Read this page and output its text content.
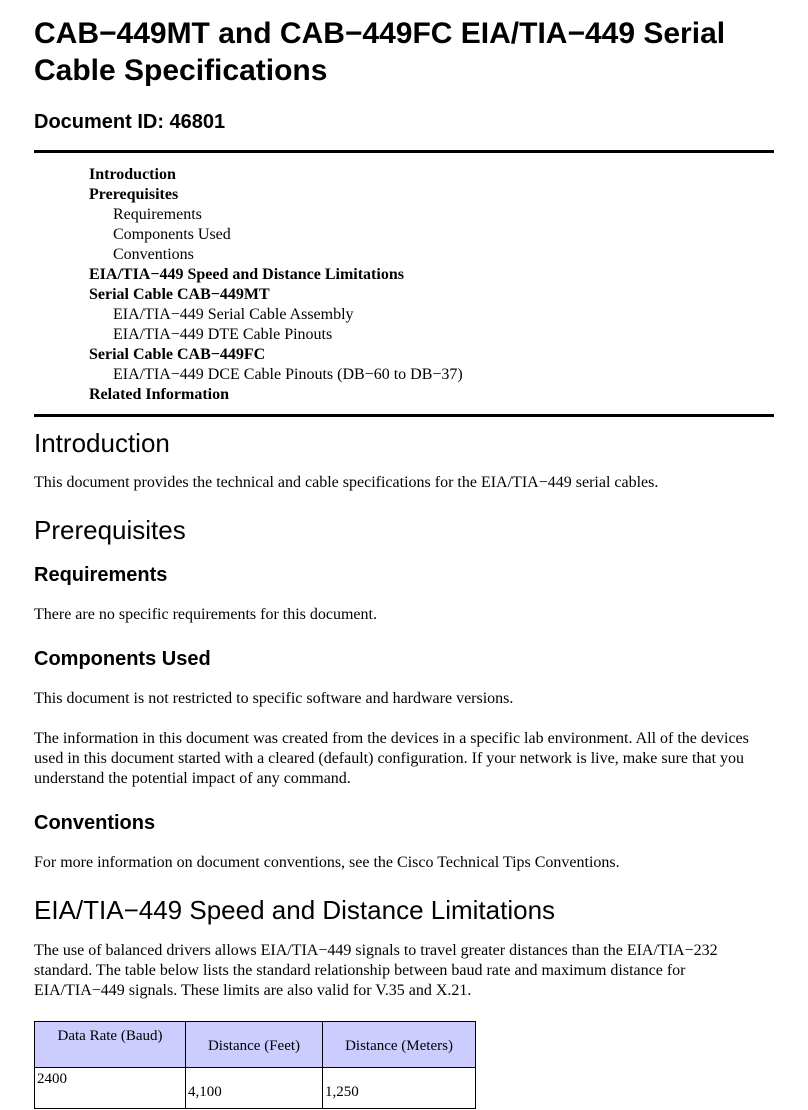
CAB−449MT and CAB−449FC EIA/TIA−449 Serial Cable Specifications
Document ID: 46801
Introduction
Prerequisites
Requirements
Components Used
Conventions
EIA/TIA−449 Speed and Distance Limitations
Serial Cable CAB−449MT
EIA/TIA−449 Serial Cable Assembly
EIA/TIA−449 DTE Cable Pinouts
Serial Cable CAB−449FC
EIA/TIA−449 DCE Cable Pinouts (DB−60 to DB−37)
Related Information
Introduction

This document provides the technical and cable specifications for the EIA/TIA−449 serial cables.

Prerequisites
Requirements

There are no specific requirements for this document.

Components Used

This document is not restricted to specific software and hardware versions.

The information in this document was created from the devices in a specific lab environment. All of the devices used in this document started with a cleared (default) configuration. If your network is live, make sure that you understand the potential impact of any command.

Conventions

For more information on document conventions, see the Cisco Technical Tips Conventions.

EIA/TIA−449 Speed and Distance Limitations

The use of balanced drivers allows EIA/TIA−449 signals to travel greater distances than the EIA/TIA−232 standard. The table below lists the standard relationship between baud rate and maximum distance for EIA/TIA−449 signals. These limits are also valid for V.35 and X.21.

Data Rate (Baud)	Distance (Feet)	Distance (Meters)
2400	4,100	1,250
